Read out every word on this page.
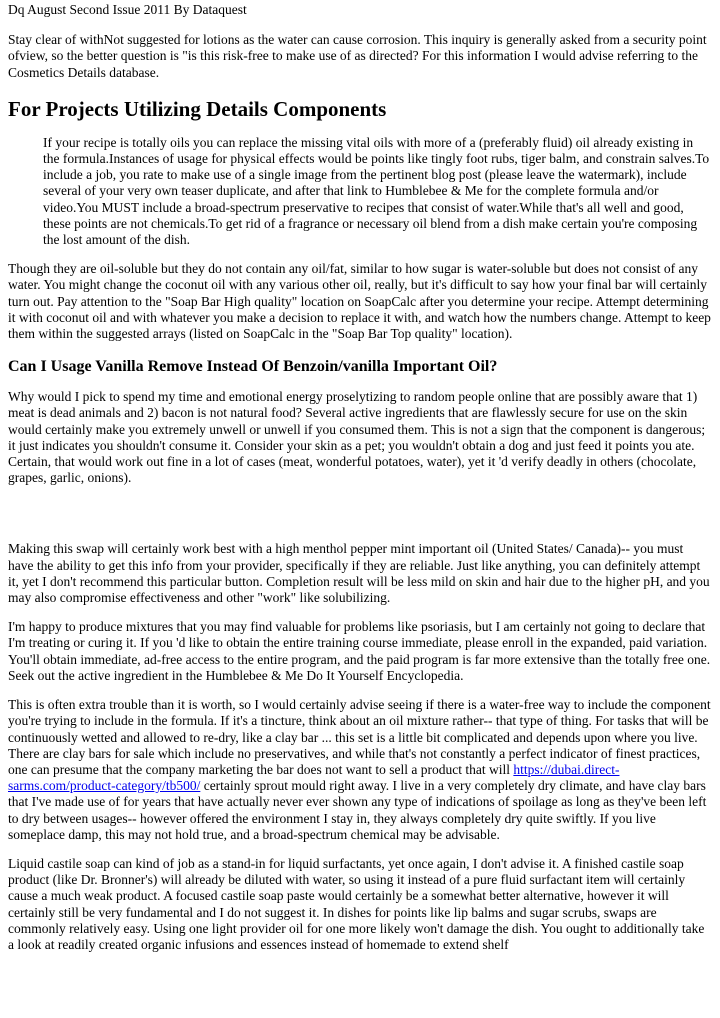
Dq August Second Issue 2011 By Dataquest

Stay clear of withNot suggested for lotions as the water can cause corrosion. This inquiry is generally asked from a security point ofview, so the better question is "is this risk-free to make use of as directed? For this information I would advise referring to the Cosmetics Details database.

For Projects Utilizing Details Components
If your recipe is totally oils you can replace the missing vital oils with more of a (preferably fluid) oil already existing in the formula.Instances of usage for physical effects would be points like tingly foot rubs, tiger balm, and constrain salves.To include a job, you rate to make use of a single image from the pertinent blog post (please leave the watermark), include several of your very own teaser duplicate, and after that link to Humblebee & Me for the complete formula and/or video.You MUST include a broad-spectrum preservative to recipes that consist of water.While that's all well and good, these points are not chemicals.To get rid of a fragrance or necessary oil blend from a dish make certain you're composing the lost amount of the dish.

Though they are oil-soluble but they do not contain any oil/fat, similar to how sugar is water-soluble but does not consist of any water. You might change the coconut oil with any various other oil, really, but it's difficult to say how your final bar will certainly turn out. Pay attention to the "Soap Bar High quality" location on SoapCalc after you determine your recipe. Attempt determining it with coconut oil and with whatever you make a decision to replace it with, and watch how the numbers change. Attempt to keep them within the suggested arrays (listed on SoapCalc in the "Soap Bar Top quality" location).

Can I Usage Vanilla Remove Instead Of Benzoin/vanilla Important Oil?

Why would I pick to spend my time and emotional energy proselytizing to random people online that are possibly aware that 1) meat is dead animals and 2) bacon is not natural food? Several active ingredients that are flawlessly secure for use on the skin would certainly make you extremely unwell or unwell if you consumed them. This is not a sign that the component is dangerous; it just indicates you shouldn't consume it. Consider your skin as a pet; you wouldn't obtain a dog and just feed it points you ate. Certain, that would work out fine in a lot of cases (meat, wonderful potatoes, water), yet it 'd verify deadly in others (chocolate, grapes, garlic, onions).

Making this swap will certainly work best with a high menthol pepper mint important oil (United States/ Canada)-- you must have the ability to get this info from your provider, specifically if they are reliable. Just like anything, you can definitely attempt it, yet I don't recommend this particular button. Completion result will be less mild on skin and hair due to the higher pH, and you may also compromise effectiveness and other "work" like solubilizing.

I'm happy to produce mixtures that you may find valuable for problems like psoriasis, but I am certainly not going to declare that I'm treating or curing it. If you 'd like to obtain the entire training course immediate, please enroll in the expanded, paid variation. You'll obtain immediate, ad-free access to the entire program, and the paid program is far more extensive than the totally free one. Seek out the active ingredient in the Humblebee & Me Do It Yourself Encyclopedia.

This is often extra trouble than it is worth, so I would certainly advise seeing if there is a water-free way to include the component you're trying to include in the formula. If it's a tincture, think about an oil mixture rather-- that type of thing. For tasks that will be continuously wetted and allowed to re-dry, like a clay bar ... this set is a little bit complicated and depends upon where you live. There are clay bars for sale which include no preservatives, and while that's not constantly a perfect indicator of finest practices, one can presume that the company marketing the bar does not want to sell a product that will https://dubai.direct-sarms.com/product-category/tb500/ certainly sprout mould right away. I live in a very completely dry climate, and have clay bars that I've made use of for years that have actually never ever shown any type of indications of spoilage as long as they've been left to dry between usages-- however offered the environment I stay in, they always completely dry quite swiftly. If you live someplace damp, this may not hold true, and a broad-spectrum chemical may be advisable.

Liquid castile soap can kind of job as a stand-in for liquid surfactants, yet once again, I don't advise it. A finished castile soap product (like Dr. Bronner's) will already be diluted with water, so using it instead of a pure fluid surfactant item will certainly cause a much weak product. A focused castile soap paste would certainly be a somewhat better alternative, however it will certainly still be very fundamental and I do not suggest it. In dishes for points like lip balms and sugar scrubs, swaps are commonly relatively easy. Using one light provider oil for one more likely won't damage the dish. You ought to additionally take a look at readily created organic infusions and essences instead of homemade to extend shelf
